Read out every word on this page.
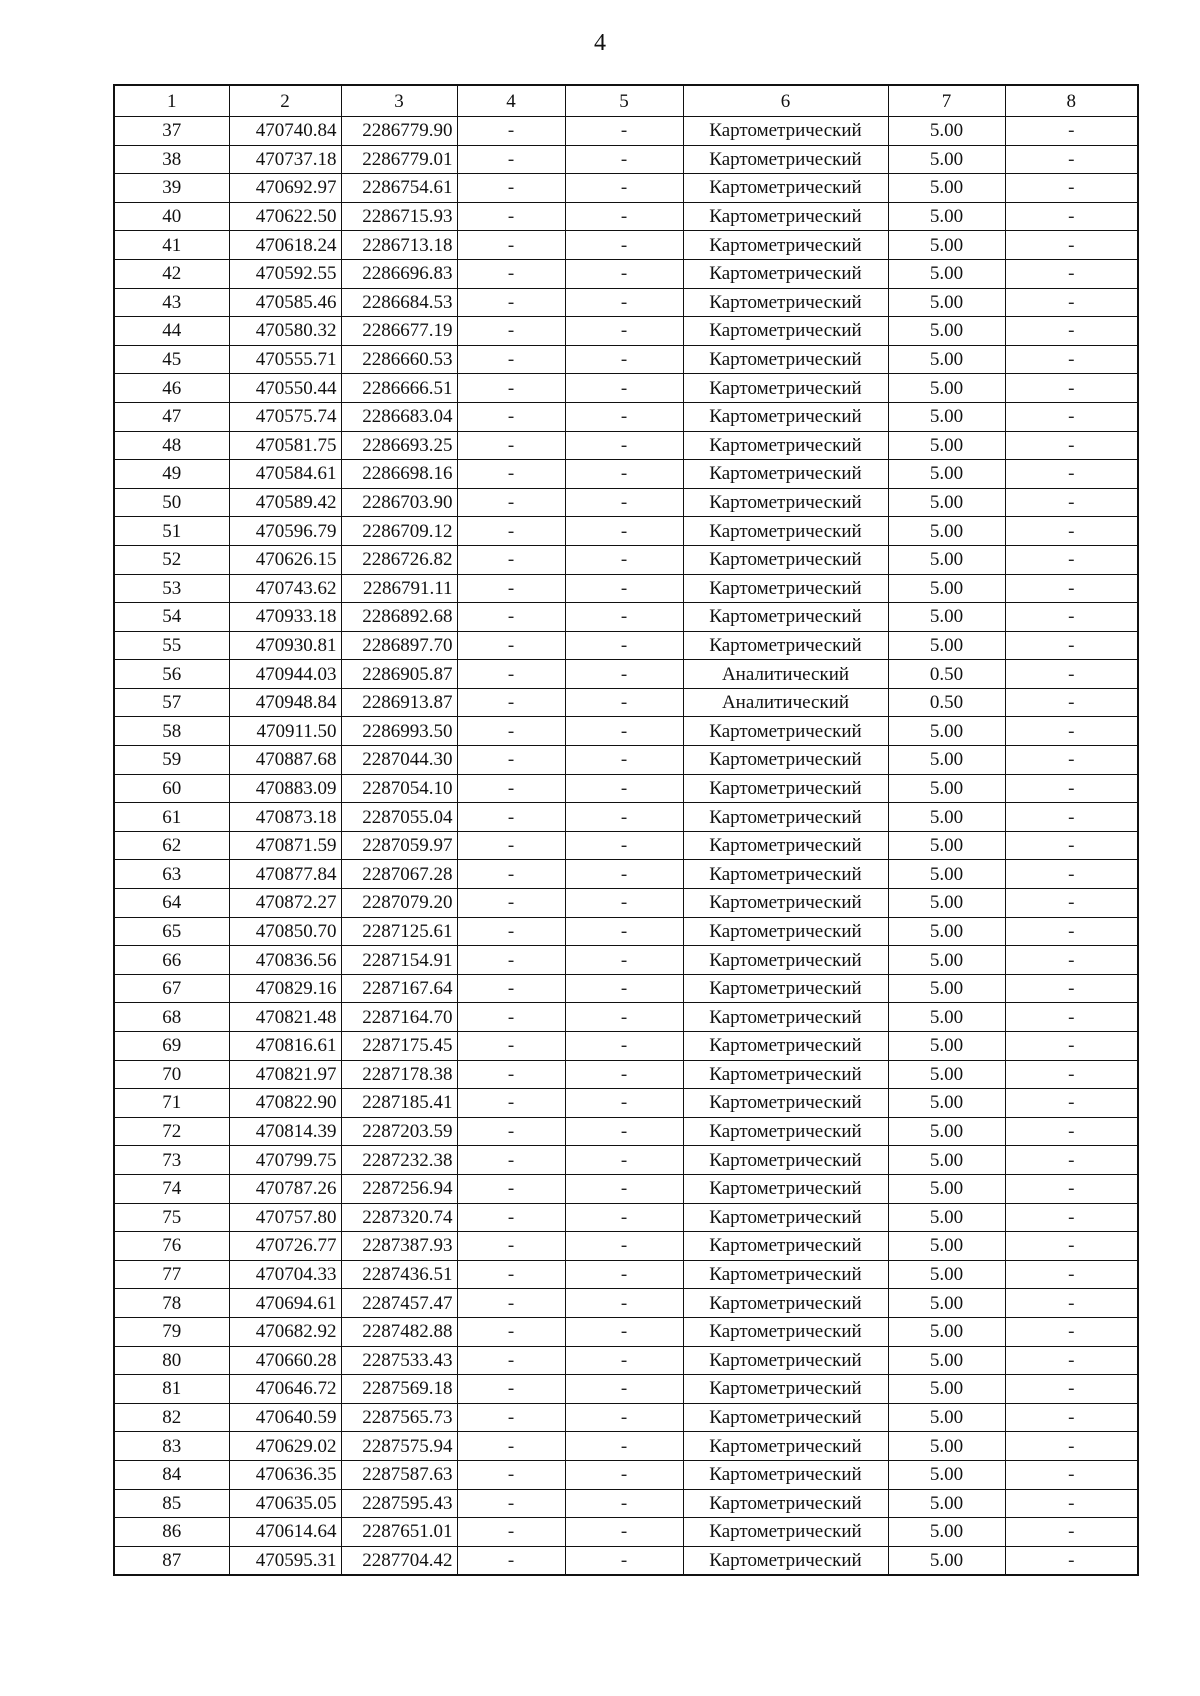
4
1	2	3	4	5	6	7	8
37	470740.84	2286779.90	-	-	Картометрический	5.00	-
38	470737.18	2286779.01	-	-	Картометрический	5.00	-
39	470692.97	2286754.61	-	-	Картометрический	5.00	-
40	470622.50	2286715.93	-	-	Картометрический	5.00	-
41	470618.24	2286713.18	-	-	Картометрический	5.00	-
42	470592.55	2286696.83	-	-	Картометрический	5.00	-
43	470585.46	2286684.53	-	-	Картометрический	5.00	-
44	470580.32	2286677.19	-	-	Картометрический	5.00	-
45	470555.71	2286660.53	-	-	Картометрический	5.00	-
46	470550.44	2286666.51	-	-	Картометрический	5.00	-
47	470575.74	2286683.04	-	-	Картометрический	5.00	-
48	470581.75	2286693.25	-	-	Картометрический	5.00	-
49	470584.61	2286698.16	-	-	Картометрический	5.00	-
50	470589.42	2286703.90	-	-	Картометрический	5.00	-
51	470596.79	2286709.12	-	-	Картометрический	5.00	-
52	470626.15	2286726.82	-	-	Картометрический	5.00	-
53	470743.62	2286791.11	-	-	Картометрический	5.00	-
54	470933.18	2286892.68	-	-	Картометрический	5.00	-
55	470930.81	2286897.70	-	-	Картометрический	5.00	-
56	470944.03	2286905.87	-	-	Аналитический	0.50	-
57	470948.84	2286913.87	-	-	Аналитический	0.50	-
58	470911.50	2286993.50	-	-	Картометрический	5.00	-
59	470887.68	2287044.30	-	-	Картометрический	5.00	-
60	470883.09	2287054.10	-	-	Картометрический	5.00	-
61	470873.18	2287055.04	-	-	Картометрический	5.00	-
62	470871.59	2287059.97	-	-	Картометрический	5.00	-
63	470877.84	2287067.28	-	-	Картометрический	5.00	-
64	470872.27	2287079.20	-	-	Картометрический	5.00	-
65	470850.70	2287125.61	-	-	Картометрический	5.00	-
66	470836.56	2287154.91	-	-	Картометрический	5.00	-
67	470829.16	2287167.64	-	-	Картометрический	5.00	-
68	470821.48	2287164.70	-	-	Картометрический	5.00	-
69	470816.61	2287175.45	-	-	Картометрический	5.00	-
70	470821.97	2287178.38	-	-	Картометрический	5.00	-
71	470822.90	2287185.41	-	-	Картометрический	5.00	-
72	470814.39	2287203.59	-	-	Картометрический	5.00	-
73	470799.75	2287232.38	-	-	Картометрический	5.00	-
74	470787.26	2287256.94	-	-	Картометрический	5.00	-
75	470757.80	2287320.74	-	-	Картометрический	5.00	-
76	470726.77	2287387.93	-	-	Картометрический	5.00	-
77	470704.33	2287436.51	-	-	Картометрический	5.00	-
78	470694.61	2287457.47	-	-	Картометрический	5.00	-
79	470682.92	2287482.88	-	-	Картометрический	5.00	-
80	470660.28	2287533.43	-	-	Картометрический	5.00	-
81	470646.72	2287569.18	-	-	Картометрический	5.00	-
82	470640.59	2287565.73	-	-	Картометрический	5.00	-
83	470629.02	2287575.94	-	-	Картометрический	5.00	-
84	470636.35	2287587.63	-	-	Картометрический	5.00	-
85	470635.05	2287595.43	-	-	Картометрический	5.00	-
86	470614.64	2287651.01	-	-	Картометрический	5.00	-
87	470595.31	2287704.42	-	-	Картометрический	5.00	-
